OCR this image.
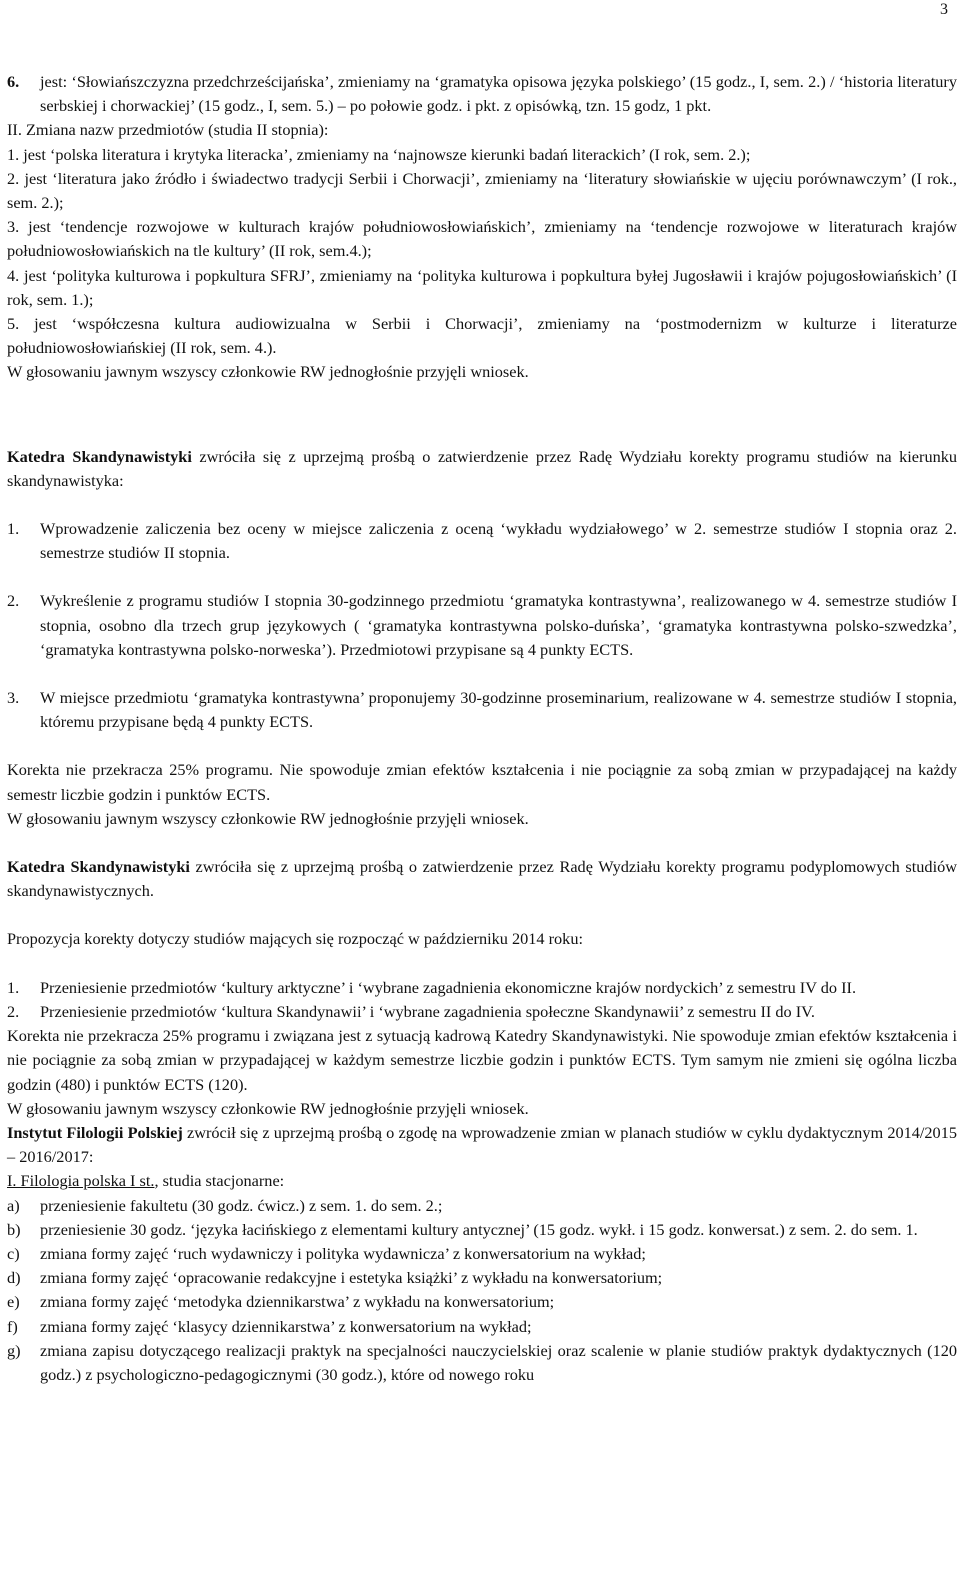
3
6. jest: ‘Słowiańszczyzna przedchrześcijańska’, zmieniamy na ‘gramatyka opisowa języka polskiego’ (15 godz., I, sem. 2.) / ‘historia literatury serbskiej i chorwackiej’ (15 godz., I, sem. 5.) – po połowie godz. i pkt. z opisówką, tzn. 15 godz, 1 pkt.

II. Zmiana nazw przedmiotów (studia II stopnia):

1. jest ‘polska literatura i krytyka literacka’, zmieniamy na ‘najnowsze kierunki badań literackich’ (I rok, sem. 2.);

2. jest ‘literatura jako źródło i świadectwo tradycji Serbii i Chorwacji’, zmieniamy na ‘literatury słowiańskie w ujęciu porównawczym’ (I rok., sem. 2.);

3. jest ‘tendencje rozwojowe w kulturach krajów południowosłowiańskich’, zmieniamy na ‘tendencje rozwojowe w literaturach krajów południowosłowiańskich na tle kultury’ (II rok, sem.4.);

4. jest ‘polityka kulturowa i popkultura SFRJ’, zmieniamy na ‘polityka kulturowa i popkultura byłej Jugosławii i krajów pojugosłowiańskich’ (I rok, sem. 1.);

5. jest ‘współczesna kultura audiowizualna w Serbii i Chorwacji’, zmieniamy na ‘postmodernizm w kulturze i literaturze południowosłowiańskiej (II rok, sem. 4.).

W głosowaniu jawnym wszyscy członkowie RW jednogłośnie przyjęli wniosek.

Katedra Skandynawistyki zwróciła się z uprzejmą prośbą o zatwierdzenie przez Radę Wydziału korekty programu studiów na kierunku skandynawistyka:

1. Wprowadzenie zaliczenia bez oceny w miejsce zaliczenia z oceną ‘wykładu wydziałowego’ w 2. semestrze studiów I stopnia oraz 2. semestrze studiów II stopnia.
2. Wykreślenie z programu studiów I stopnia 30-godzinnego przedmiotu ‘gramatyka kontrastywna’, realizowanego w 4. semestrze studiów I stopnia, osobno dla trzech grup językowych ( ‘gramatyka kontrastywna polsko-duńska’, ‘gramatyka kontrastywna polsko-szwedzka’, ‘gramatyka kontrastywna polsko-norweska’). Przedmiotowi przypisane są 4 punkty ECTS.
3. W miejsce przedmiotu ‘gramatyka kontrastywna’ proponujemy 30-godzinne proseminarium, realizowane w 4. semestrze studiów I stopnia, któremu przypisane będą 4 punkty ECTS.

Korekta nie przekracza 25% programu. Nie spowoduje zmian efektów kształcenia i nie pociągnie za sobą zmian w przypadającej na każdy semestr liczbie godzin i punktów ECTS.

W głosowaniu jawnym wszyscy członkowie RW jednogłośnie przyjęli wniosek.

Katedra Skandynawistyki zwróciła się z uprzejmą prośbą o zatwierdzenie przez Radę Wydziału korekty programu podyplomowych studiów skandynawistycznych.

Propozycja korekty dotyczy studiów mających się rozpocząć w październiku 2014 roku:

1. Przeniesienie przedmiotów ‘kultury arktyczne’ i ‘wybrane zagadnienia ekonomiczne krajów nordyckich’ z semestru IV do II.
2. Przeniesienie przedmiotów ‘kultura Skandynawii’ i ‘wybrane zagadnienia społeczne Skandynawii’ z semestru II do IV.

Korekta nie przekracza 25% programu i związana jest z sytuacją kadrową Katedry Skandynawistyki. Nie spowoduje zmian efektów kształcenia i nie pociągnie za sobą zmian w przypadającej w każdym semestrze liczbie godzin i punktów ECTS. Tym samym nie zmieni się ogólna liczba godzin (480) i punktów ECTS (120).

W głosowaniu jawnym wszyscy członkowie RW jednogłośnie przyjęli wniosek.

Instytut Filologii Polskiej zwrócił się z uprzejmą prośbą o zgodę na wprowadzenie zmian w planach studiów w cyklu dydaktycznym 2014/2015 – 2016/2017:

I. Filologia polska I st., studia stacjonarne:

a) przeniesienie fakultetu (30 godz. ćwicz.) z sem. 1. do sem. 2.;
b) przeniesienie 30 godz. ‘języka łacińskiego z elementami kultury antycznej’ (15 godz. wykł. i 15 godz. konwersat.) z sem. 2. do sem. 1.
c) zmiana formy zajęć ‘ruch wydawniczy i polityka wydawnicza’ z konwersatorium na wykład;
d) zmiana formy zajęć ‘opracowanie redakcyjne i estetyka książki’ z wykładu na konwersatorium;
e) zmiana formy zajęć ‘metodyka dziennikarstwa’ z wykładu na konwersatorium;
f) zmiana formy zajęć ‘klasycy dziennikarstwa’ z konwersatorium na wykład;
g) zmiana zapisu dotyczącego realizacji praktyk na specjalności nauczycielskiej oraz scalenie w planie studiów praktyk dydaktycznych (120 godz.) z psychologiczno-pedagogicznymi (30 godz.), które od nowego roku
